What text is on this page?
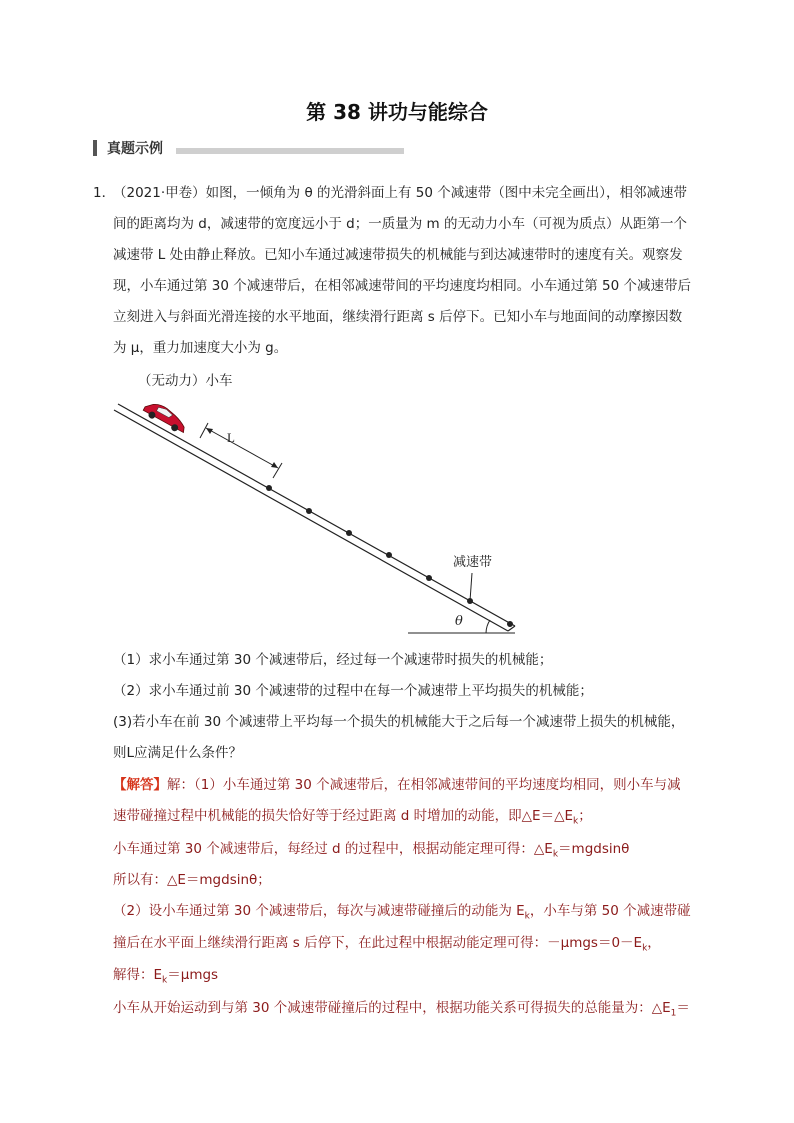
第 38 讲功与能综合
真题示例
1．
（2021·甲卷）如图，一倾角为 θ 的光滑斜面上有 50 个减速带（图中未完全画出），相邻减速带
间的距离均为 d，减速带的宽度远小于 d；一质量为 m 的无动力小车（可视为质点）从距第一个
减速带 L 处由静止释放。已知小车通过减速带损失的机械能与到达减速带时的速度有关。观察发
现，小车通过第 30 个减速带后，在相邻减速带间的平均速度均相同。小车通过第 50 个减速带后
立刻进入与斜面光滑连接的水平地面，继续滑行距离 s 后停下。已知小车与地面间的动摩擦因数
为 μ，重力加速度大小为 g。
θ
L
减速带
（无动力）小车
（1）求小车通过第 30 个减速带后，经过每一个减速带时损失的机械能；
（2）求小车通过前 30 个减速带的过程中在每一个减速带上平均损失的机械能；
(3)若小车在前 30 个减速带上平均每一个损失的机械能大于之后每一个减速带上损失的机械能，
则L应满足什么条件？
【解答】解：（1）小车通过第 30 个减速带后，在相邻减速带间的平均速度均相同，则小车与减
速带碰撞过程中机械能的损失恰好等于经过距离 d 时增加的动能，即$\triangle E=\triangle E_k$；
小车通过第 30 个减速带后，每经过 d 的过程中，根据动能定理可得：$\triangle E_k=mgdsin\theta$
所以有：△E＝mgdsinθ；
（2）设小车通过第 30 个减速带后，每次与减速带碰撞后的动能为 $E_k$，小车与第 50 个减速带碰
撞后在水平面上继续滑行距离 s 后停下，在此过程中根据动能定理可得：$-\mu mgs=0-E_k$，
解得：$E_k=\mu mgs$
小车从开始运动到与第 30 个减速带碰撞后的过程中，根据功能关系可得损失的总能量为：$\triangle E_1=$
